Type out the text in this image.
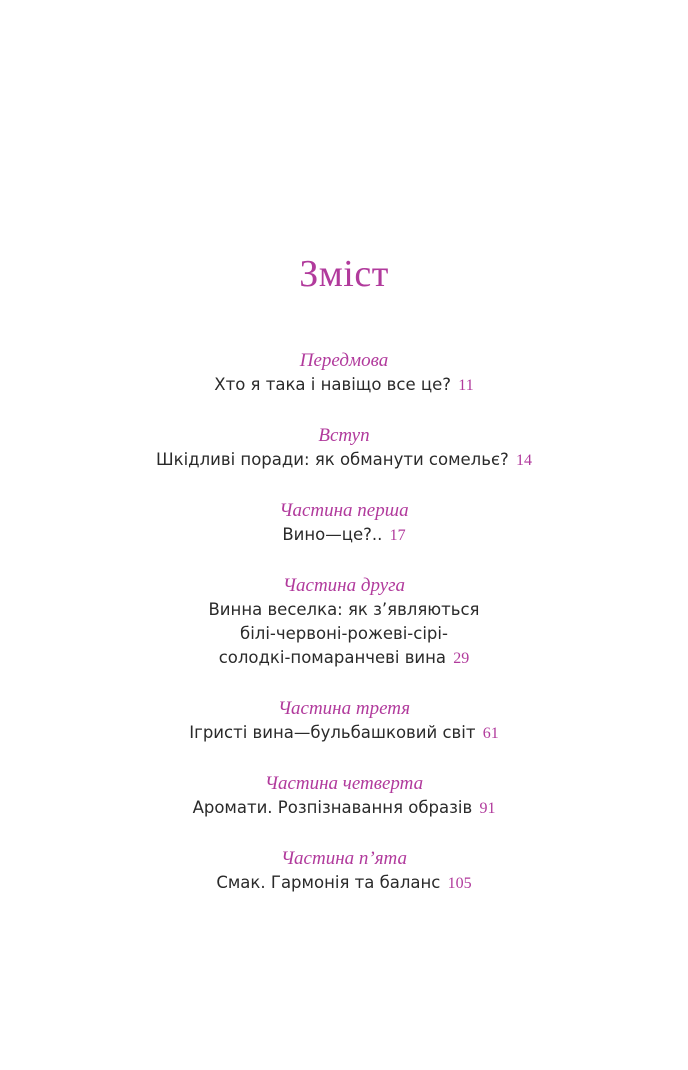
Зміст
Передмова
Хто я така і навіщо все це? 11
Вступ
Шкідливі поради: як обманути сомельє? 14
Частина перша
Вино—це?.. 17
Частина друга
Винна веселка: як з’являються
білі-червоні-рожеві-сірі-
солодкі-помаранчеві вина 29
Частина третя
Ігристі вина—бульбашковий світ 61
Частина четверта
Аромати. Розпізнавання образів 91
Частина п’ята
Смак. Гармонія та баланс 105
